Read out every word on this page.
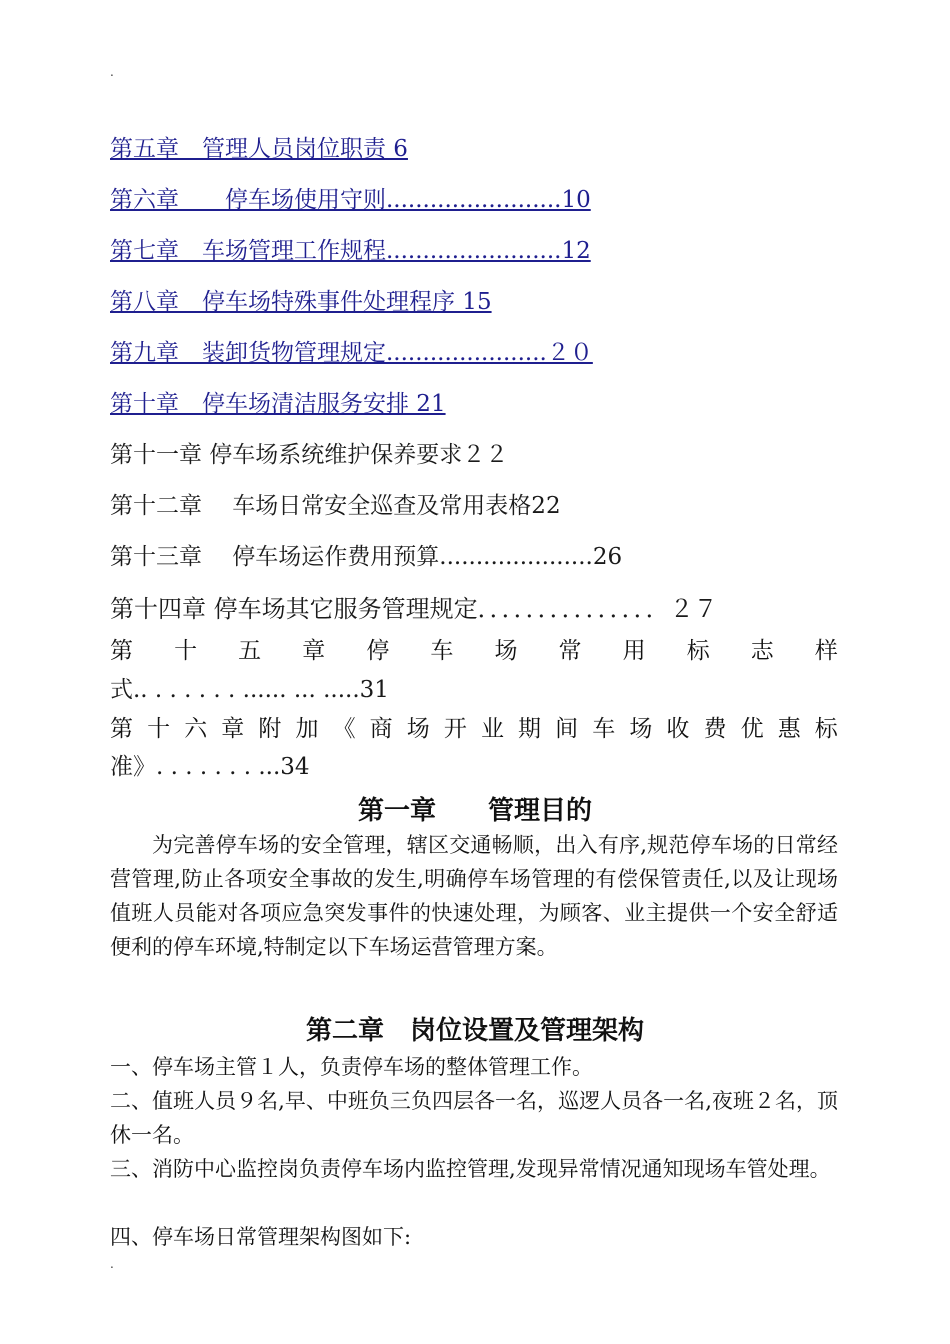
.
第五章　管理人员岗位职责 6
第六章　　停车场使用守则........................10
第七章　车场管理工作规程........................12
第八章　停车场特殊事件处理程序 15
第九章　装卸货物管理规定......................２０
第十章　停车场清洁服务安排 21
第十一章 停车场系统维护保养要求２２
第十二章　 车场日常安全巡查及常用表格22
第十三章　 停车场运作费用预算.....................26
第十四章 停车场其它服务管理规定．．．．．．．．．．．．．．．２７
第 十 五 章 停 车 场 常 用 标 志 样
式.. . . . . . . ...... ... .....31
第 十 六 章 附 加 《 商 场 开 业 期 间 车 场 收 费 优 惠 标
准》. . . . . . . ...34
第一章　　管理目的
为完善停车场的安全管理，辖区交通畅顺，出入有序,规范停车场的日常经营管理,防止各项安全事故的发生,明确停车场管理的有偿保管责任,以及让现场值班人员能对各项应急突发事件的快速处理，为顾客、业主提供一个安全舒适便利的停车环境,特制定以下车场运营管理方案。
第二章　岗位设置及管理架构
一、停车场主管１人，负责停车场的整体管理工作。
二、值班人员９名,早、中班负三负四层各一名，巡逻人员各一名,夜班２名，顶休一名。
三、消防中心监控岗负责停车场内监控管理,发现异常情况通知现场车管处理。
四、停车场日常管理架构图如下:
.
